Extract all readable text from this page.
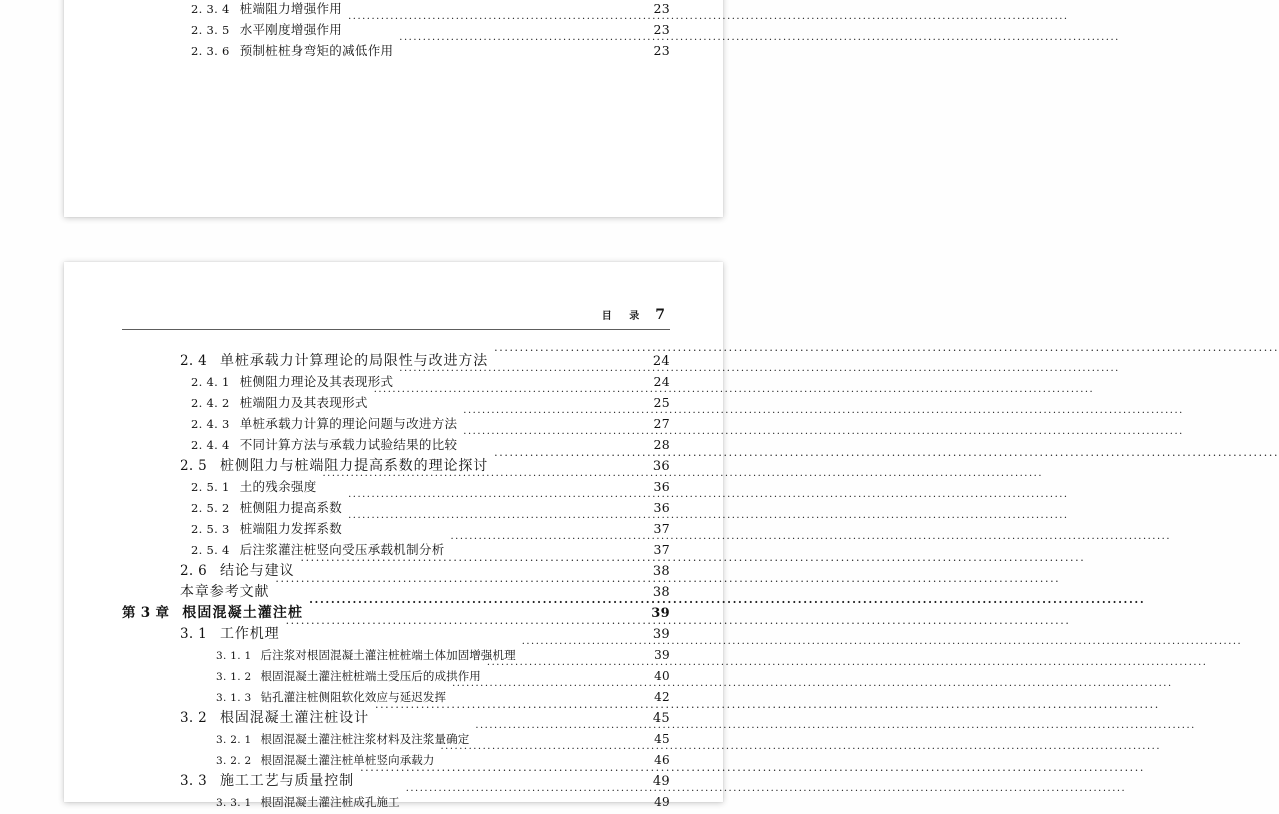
2. 3. 4 桩端阻力增强作用 ·····	23
2. 3. 5 水平刚度增强作用 ·····	23
2. 3. 6 预制桩桩身弯矩的减低作用 ·····	23
目 录 7
2. 4 单桩承载力计算理论的局限性与改进方法 ·····	24
2. 4. 1 桩侧阻力理论及其表现形式 ·····	24
2. 4. 2 桩端阻力及其表现形式 ·····	25
2. 4. 3 单桩承载力计算的理论问题与改进方法 ·····	27
2. 4. 4 不同计算方法与承载力试验结果的比较 ·····	28
2. 5 桩侧阻力与桩端阻力提高系数的理论探讨 ·····	36
2. 5. 1 土的残余强度 ·····	36
2. 5. 2 桩侧阻力提高系数 ·····	36
2. 5. 3 桩端阻力发挥系数 ·····	37
2. 5. 4 后注浆灌注桩竖向受压承载机制分析 ·····	37
2. 6 结论与建议 ·····	38
本章参考文献 ·····	38
第 3 章 根固混凝土灌注桩 ·····	39
3. 1 工作机理 ·····	39
3. 1. 1 后注浆对根固混凝土灌注桩桩端土体加固增强机理 ·····	39
3. 1. 2 根固混凝土灌注桩桩端土受压后的成拱作用 ·····	40
3. 1. 3 钻孔灌注桩侧阻软化效应与延迟发挥 ·····	42
3. 2 根固混凝土灌注桩设计 ·····	45
3. 2. 1 根固混凝土灌注桩注浆材料及注浆量确定 ·····	45
3. 2. 2 根固混凝土灌注桩单桩竖向承载力 ·····	46
3. 3 施工工艺与质量控制 ·····	49
3. 3. 1 根固混凝土灌注桩成孔施工 ·····	49
